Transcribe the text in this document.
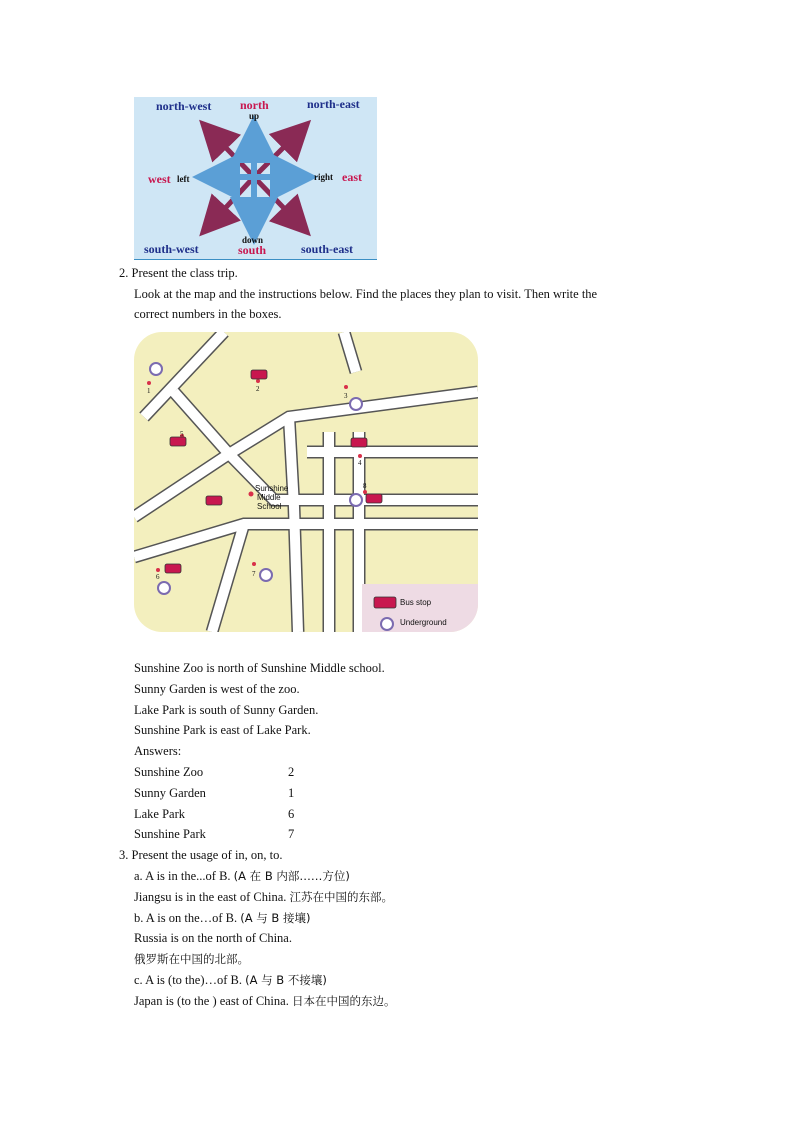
north-west north
up
north-east
west left	right east
down
south-west	south	south-east
2. Present the class trip.
Look at the map and the instructions below. Find the places they plan to visit. Then write the
correct numbers in the boxes.
1	2
3
4
5
6	7
8
Sunshine
Middle
School
Bus stop
Underground
Sunshine Zoo is north of Sunshine Middle school.
Sunny Garden is west of the zoo.
Lake Park is south of Sunny Garden.
Sunshine Park is east of Lake Park.
Answers:
Sunshine Zoo	2
Sunny Garden	1
Lake Park	6
Sunshine Park	7
3. Present the usage of in, on, to.
a. A is in the...of B. (A 在 B 内部……方位)
Jiangsu is in the east of China. 江苏在中国的东部。
b. A is on the…of B. (A 与 B 接壤)
Russia is on the north of China.
俄罗斯在中国的北部。
c. A is (to the)…of B. (A 与 B 不接壤)
Japan is (to the ) east of China. 日本在中国的东边。
